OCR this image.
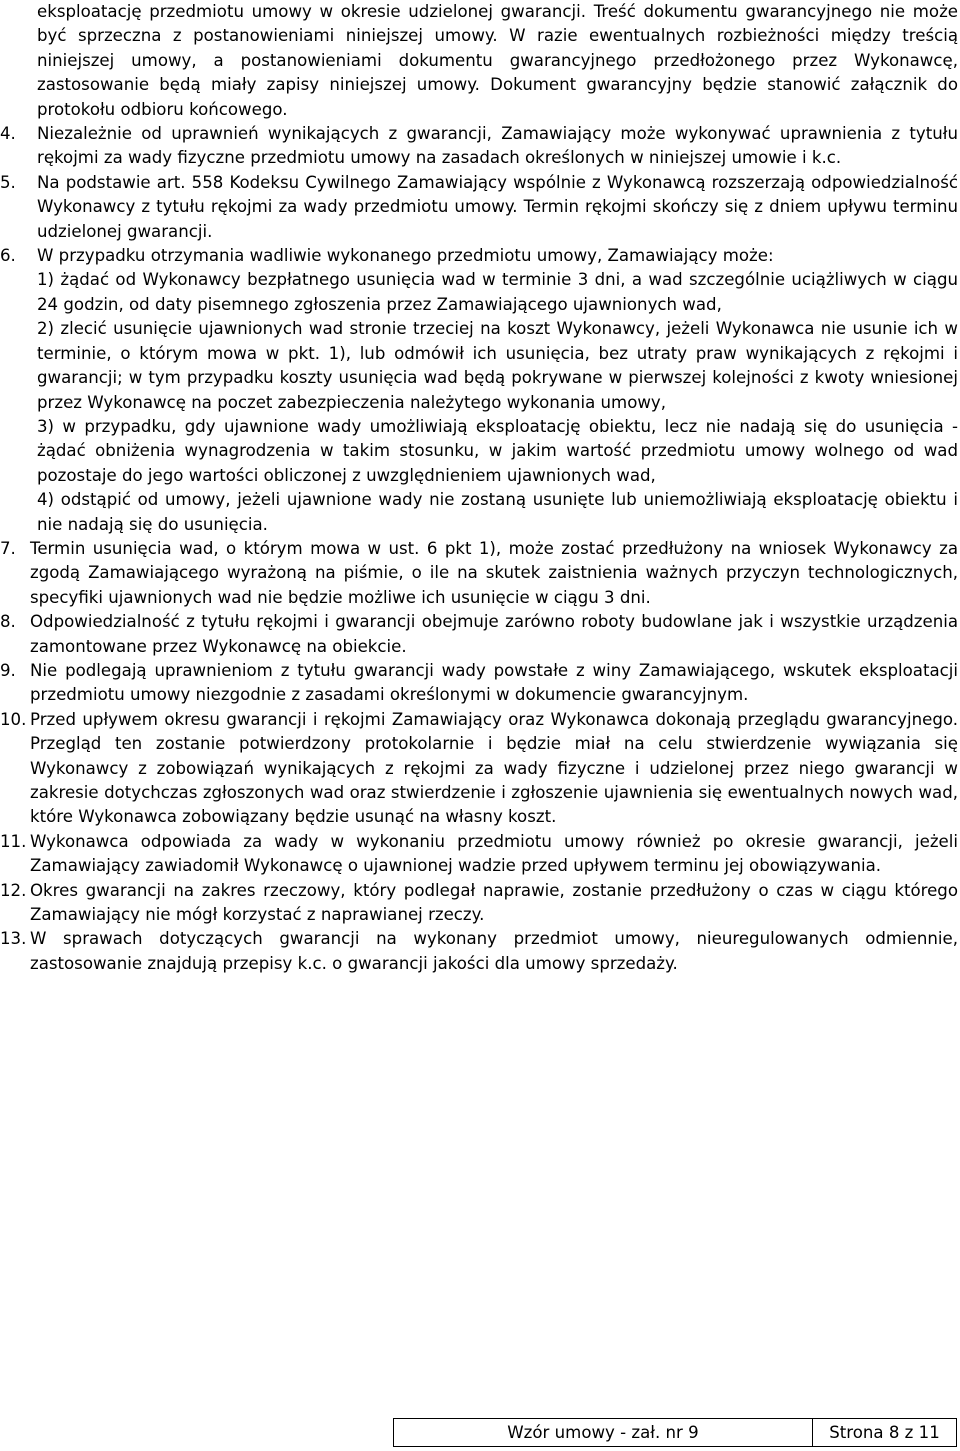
eksploatację przedmiotu umowy w okresie udzielonej gwarancji. Treść dokumentu gwarancyjnego nie może być sprzeczna z postanowieniami niniejszej umowy. W razie ewentualnych rozbieżności między treścią niniejszej umowy, a postanowieniami dokumentu gwarancyjnego przedłożonego przez Wykonawcę, zastosowanie będą miały zapisy niniejszej umowy. Dokument gwarancyjny będzie stanowić załącznik do protokołu odbioru końcowego.

4.	Niezależnie od uprawnień wynikających z gwarancji, Zamawiający może wykonywać uprawnienia z tytułu rękojmi za wady fizyczne przedmiotu umowy na zasadach określonych w niniejszej umowie i k.c.
5.	Na podstawie art. 558 Kodeksu Cywilnego Zamawiający wspólnie z Wykonawcą rozszerzają odpowiedzialność Wykonawcy z tytułu rękojmi za wady przedmiotu umowy. Termin rękojmi skończy się z dniem upływu terminu udzielonej gwarancji.
6.	W przypadku otrzymania wadliwie wykonanego przedmiotu umowy, Zamawiający może:

1) żądać od Wykonawcy bezpłatnego usunięcia wad w terminie 3 dni, a wad szczególnie uciążliwych w ciągu 24 godzin, od daty pisemnego zgłoszenia przez Zamawiającego ujawnionych wad,

2) zlecić usunięcie ujawnionych wad stronie trzeciej na koszt Wykonawcy, jeżeli Wykonawca nie usunie ich w terminie, o którym mowa w pkt. 1), lub odmówił ich usunięcia, bez utraty praw wynikających z rękojmi i gwarancji; w tym przypadku koszty usunięcia wad będą pokrywane w pierwszej kolejności z kwoty wniesionej przez Wykonawcę na poczet zabezpieczenia należytego wykonania umowy,

3) w przypadku, gdy ujawnione wady umożliwiają eksploatację obiektu, lecz nie nadają się do usunięcia - żądać obniżenia wynagrodzenia w takim stosunku, w jakim wartość przedmiotu umowy wolnego od wad pozostaje do jego wartości obliczonej z uwzględnieniem ujawnionych wad,

4) odstąpić od umowy, jeżeli ujawnione wady nie zostaną usunięte lub uniemożliwiają eksploatację obiektu i nie nadają się do usunięcia.

7. Termin usunięcia wad, o którym mowa w ust. 6 pkt 1), może zostać przedłużony na wniosek Wykonawcy za zgodą Zamawiającego wyrażoną na piśmie, o ile na skutek zaistnienia ważnych przyczyn technologicznych, specyfiki ujawnionych wad nie będzie możliwe ich usunięcie w ciągu 3 dni.
8. Odpowiedzialność z tytułu rękojmi i gwarancji obejmuje zarówno roboty budowlane jak i wszystkie urządzenia zamontowane przez Wykonawcę na obiekcie.
9. Nie podlegają uprawnieniom z tytułu gwarancji wady powstałe z winy Zamawiającego, wskutek eksploatacji przedmiotu umowy niezgodnie z zasadami określonymi w dokumencie gwarancyjnym.
10. Przed upływem okresu gwarancji i rękojmi Zamawiający oraz Wykonawca dokonają przeglądu gwarancyjnego. Przegląd ten zostanie potwierdzony protokolarnie i będzie miał na celu stwierdzenie wywiązania się Wykonawcy z zobowiązań wynikających z rękojmi za wady fizyczne i udzielonej przez niego gwarancji w zakresie dotychczas zgłoszonych wad oraz stwierdzenie i zgłoszenie ujawnienia się ewentualnych nowych wad, które Wykonawca zobowiązany będzie usunąć na własny koszt.
11. Wykonawca odpowiada za wady w wykonaniu przedmiotu umowy również po okresie gwarancji, jeżeli Zamawiający zawiadomił Wykonawcę o ujawnionej wadzie przed upływem terminu jej obowiązywania.
12. Okres gwarancji na zakres rzeczowy, który podlegał naprawie, zostanie przedłużony o czas w ciągu którego Zamawiający nie mógł korzystać z naprawianej rzeczy.
13. W sprawach dotyczących gwarancji na wykonany przedmiot umowy, nieuregulowanych odmiennie, zastosowanie znajdują przepisy k.c. o gwarancji jakości dla umowy sprzedaży.
Wzór umowy - zał. nr 9	Strona 8 z 11
